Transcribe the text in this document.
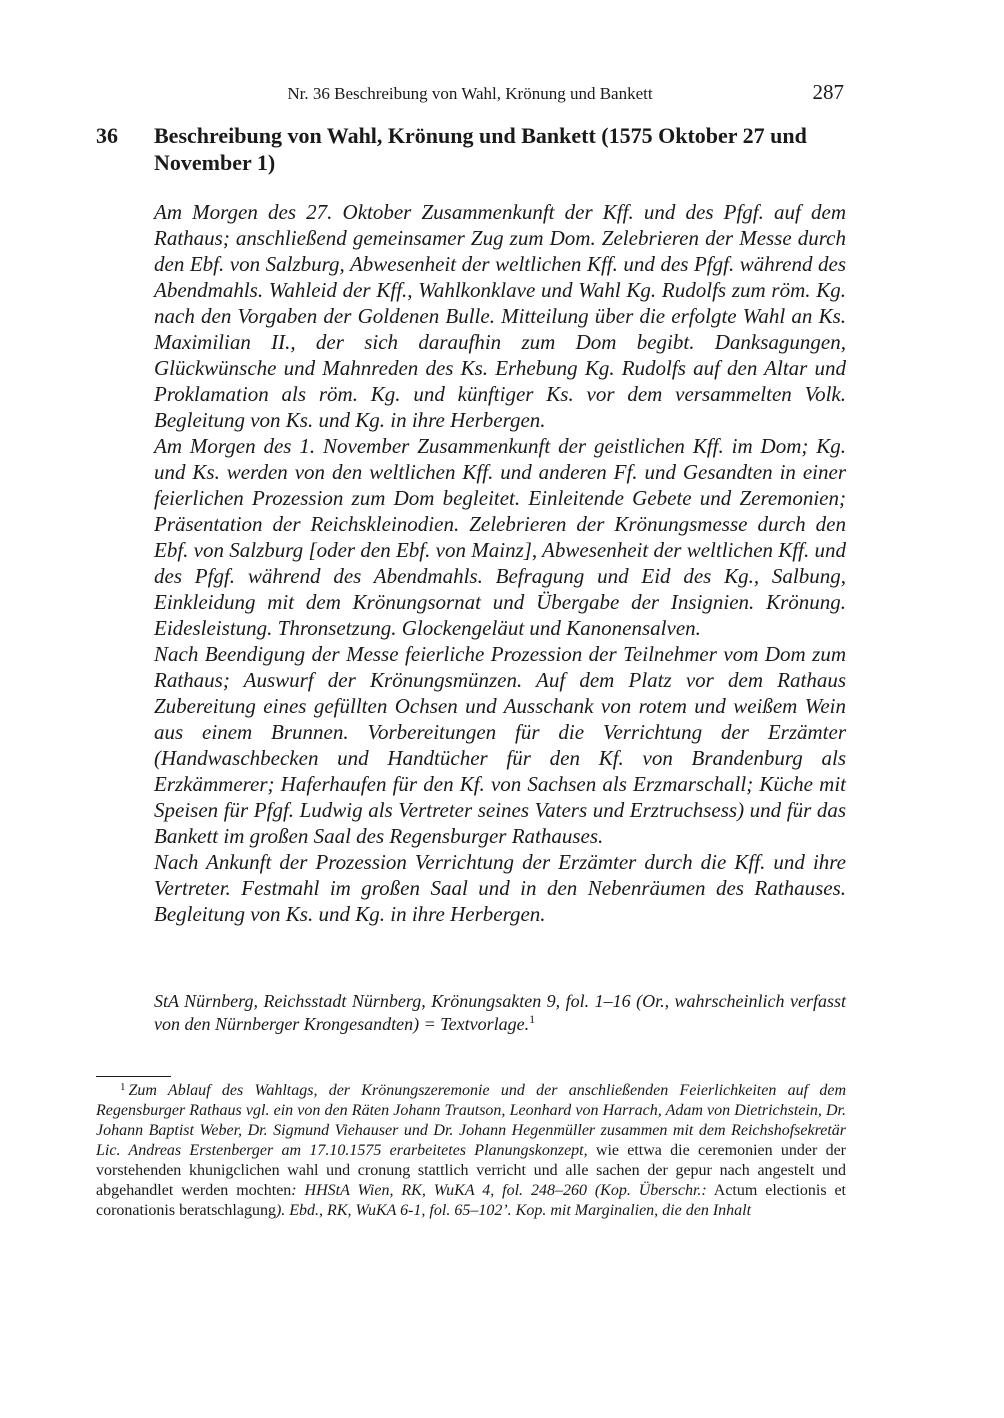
Nr. 36 Beschreibung von Wahl, Krönung und Bankett	287
36 Beschreibung von Wahl, Krönung und Bankett (1575 Oktober 27 und November 1)

Am Morgen des 27. Oktober Zusammenkunft der Kff. und des Pfgf. auf dem Rathaus; anschließend gemeinsamer Zug zum Dom. Zelebrieren der Messe durch den Ebf. von Salzburg, Abwesenheit der weltlichen Kff. und des Pfgf. während des Abendmahls. Wahleid der Kff., Wahlkonklave und Wahl Kg. Rudolfs zum röm. Kg. nach den Vorgaben der Goldenen Bulle. Mitteilung über die erfolgte Wahl an Ks. Maximilian II., der sich daraufhin zum Dom begibt. Danksagungen, Glückwünsche und Mahnreden des Ks. Erhebung Kg. Rudolfs auf den Altar und Proklamation als röm. Kg. und künftiger Ks. vor dem versammelten Volk. Begleitung von Ks. und Kg. in ihre Herbergen.

Am Morgen des 1. November Zusammenkunft der geistlichen Kff. im Dom; Kg. und Ks. werden von den weltlichen Kff. und anderen Ff. und Gesandten in einer feierlichen Prozession zum Dom begleitet. Einleitende Gebete und Zeremonien; Präsentation der Reichskleinodien. Zelebrieren der Krönungsmesse durch den Ebf. von Salzburg [oder den Ebf. von Mainz], Abwesenheit der weltlichen Kff. und des Pfgf. während des Abendmahls. Befragung und Eid des Kg., Salbung, Einkleidung mit dem Krönungsornat und Übergabe der Insignien. Krönung. Eidesleistung. Thronsetzung. Glockengeläut und Kanonensalven.

Nach Beendigung der Messe feierliche Prozession der Teilnehmer vom Dom zum Rathaus; Auswurf der Krönungsmünzen. Auf dem Platz vor dem Rathaus Zubereitung eines gefüllten Ochsen und Ausschank von rotem und weißem Wein aus einem Brunnen. Vorbereitungen für die Verrichtung der Erzämter (Handwaschbecken und Handtücher für den Kf. von Brandenburg als Erzkämmerer; Haferhaufen für den Kf. von Sachsen als Erzmarschall; Küche mit Speisen für Pfgf. Ludwig als Vertreter seines Vaters und Erztruchsess) und für das Bankett im großen Saal des Regensburger Rathauses.

Nach Ankunft der Prozession Verrichtung der Erzämter durch die Kff. und ihre Vertreter. Festmahl im großen Saal und in den Nebenräumen des Rathauses. Begleitung von Ks. und Kg. in ihre Herbergen.

StA Nürnberg, Reichsstadt Nürnberg, Krönungsakten 9, fol. 1–16 (Or., wahrscheinlich verfasst von den Nürnberger Krongesandten) = Textvorlage.$^1$

$^1$ Zum Ablauf des Wahltags, der Krönungszeremonie und der anschließenden Feierlichkeiten auf dem Regensburger Rathaus vgl. ein von den Räten Johann Trautson, Leonhard von Harrach, Adam von Dietrichstein, Dr. Johann Baptist Weber, Dr. Sigmund Viehauser und Dr. Johann Hegenmüller zusammen mit dem Reichshofsekretär Lic. Andreas Erstenberger am 17.10.1575 erarbeitetes Planungskonzept, wie ettwa die ceremonien under der vorstehenden khunigclichen wahl und cronung stattlich verricht und alle sachen der gepur nach angestelt und abgehandlet werden mochten: HHStA Wien, RK, WuKA 4, fol. 248–260 (Kop. Überschr.: Actum electionis et coronationis beratschlagung). Ebd., RK, WuKA 6-1, fol. 65–102’. Kop. mit Marginalien, die den Inhalt
